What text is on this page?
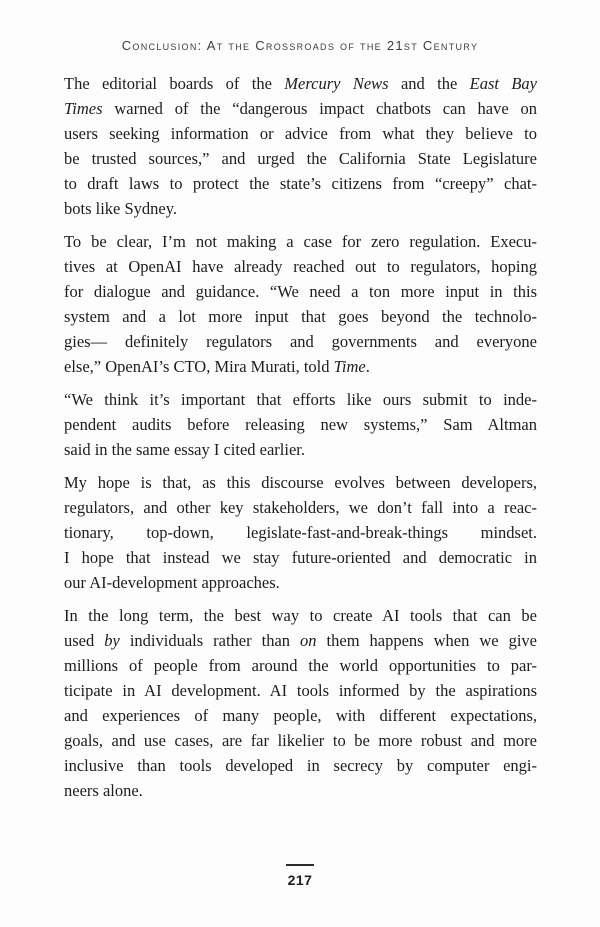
Conclusion: At the Crossroads of the 21st Century
The editorial boards of the Mercury News and the East Bay
Times warned of the “dangerous impact chatbots can have on
users seeking information or advice from what they believe to
be trusted sources,” and urged the California State Legislature
to draft laws to protect the state’s citizens from “creepy” chat-
bots like Sydney.
To be clear, I’m not making a case for zero regulation. Execu-
tives at OpenAI have already reached out to regulators, hoping
for dialogue and guidance. “We need a ton more input in this
system and a lot more input that goes beyond the technolo-
gies— definitely regulators and governments and everyone
else,” OpenAI’s CTO, Mira Murati, told Time.
“We think it’s important that efforts like ours submit to inde-
pendent audits before releasing new systems,” Sam Altman
said in the same essay I cited earlier.
My hope is that, as this discourse evolves between developers,
regulators, and other key stakeholders, we don’t fall into a reac-
tionary, top-down, legislate-fast-and-break-things mindset.
I hope that instead we stay future-oriented and democratic in
our AI-development approaches.
In the long term, the best way to create AI tools that can be
used by individuals rather than on them happens when we give
millions of people from around the world opportunities to par-
ticipate in AI development. AI tools informed by the aspirations
and experiences of many people, with different expectations,
goals, and use cases, are far likelier to be more robust and more
inclusive than tools developed in secrecy by computer engi-
neers alone.
217
